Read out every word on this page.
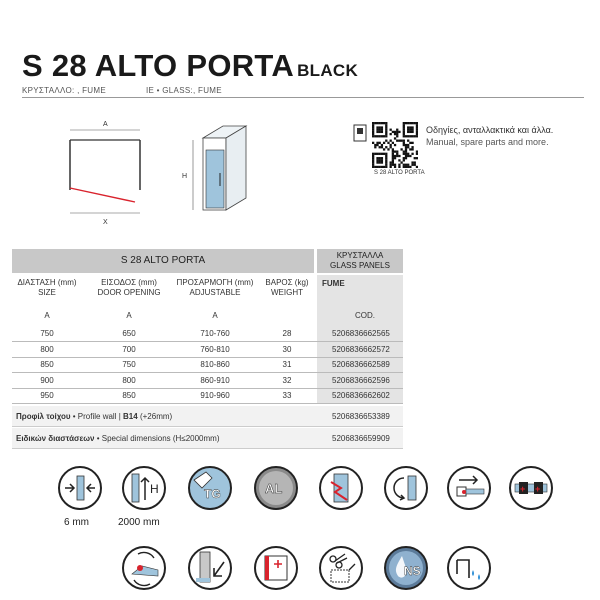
S 28 ALTO PORTA BLACK
ΚΡΥΣΤΑΛΛΟ: , FUME	IE • GLASS:, FUME
A
X
H	S 28 ALTO PORTA
Οδηγίες, ανταλλακτικά και άλλα.
Manual, spare parts and more.
S 28 ALTO PORTA	ΚΡΥΣΤΑΛΛΑ
GLASS PANELS
ΔΙΑΣΤΑΣΗ (mm)
SIZE
ΕΙΣΟΔΟΣ (mm)
DOOR OPENING
ΠΡΟΣΑΡΜΟΓΗ (mm)
ADJUSTABLE
ΒΑΡΟΣ (kg)
WEIGHT
FUME
A	A	A	COD.
750	650	710-760	28	5206836662565
800	700	760-810	30	5206836662572
850	750	810-860	31	5206836662589
900	800	860-910	32	5206836662596
950	850	910-960	33	5206836662602
Προφίλ τοίχου • Profile wall | B14 (+26mm)	5206836653389
Ειδικών διαστάσεων • Special dimensions (H≤2000mm)	5206836659909
6 mm
H
2000 mm
TG	AL	+ +
NS
